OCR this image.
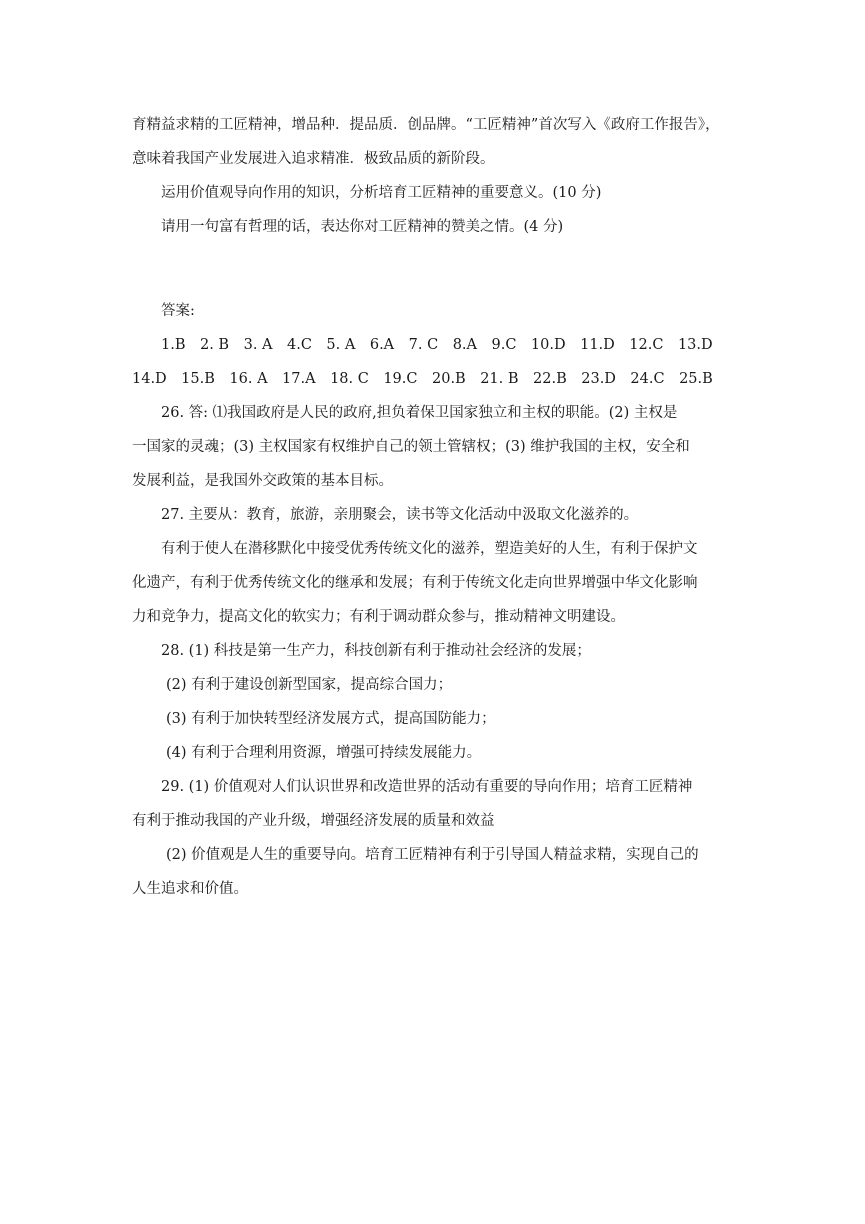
育精益求精的工匠精神，增品种．提品质．创品牌。“工匠精神”首次写入《政府工作报告》，
意味着我国产业发展进入追求精准．极致品质的新阶段。
运用价值观导向作用的知识，分析培育工匠精神的重要意义。(10 分)
请用一句富有哲理的话，表达你对工匠精神的赞美之情。(4 分)
答案:
1.B　2. B　3. A　4.C　5. A　6.A　7. C　8.A　9.C　10.D　11.D　12.C　13.D
14.D　15.B　16. A　17.A　18. C　19.C　20.B　21. B　22.B　23.D　24.C　25.B
26. 答: ⑴我国政府是人民的政府,担负着保卫国家独立和主权的职能。(2) 主权是
一国家的灵魂；(3) 主权国家有权维护自己的领土管辖权；(3) 维护我国的主权，安全和
发展利益，是我国外交政策的基本目标。
27. 主要从：教育，旅游，亲朋聚会，读书等文化活动中汲取文化滋养的。
有利于使人在潜移默化中接受优秀传统文化的滋养，塑造美好的人生，有利于保护文
化遗产，有利于优秀传统文化的继承和发展；有利于传统文化走向世界增强中华文化影响
力和竞争力，提高文化的软实力；有利于调动群众参与，推动精神文明建设。
28. (1) 科技是第一生产力，科技创新有利于推动社会经济的发展；
(2) 有利于建设创新型国家，提高综合国力；
(3) 有利于加快转型经济发展方式，提高国防能力；
(4) 有利于合理利用资源，增强可持续发展能力。
29. (1) 价值观对人们认识世界和改造世界的活动有重要的导向作用；培育工匠精神
有利于推动我国的产业升级，增强经济发展的质量和效益
(2) 价值观是人生的重要导向。培育工匠精神有利于引导国人精益求精，实现自己的
人生追求和价值。
